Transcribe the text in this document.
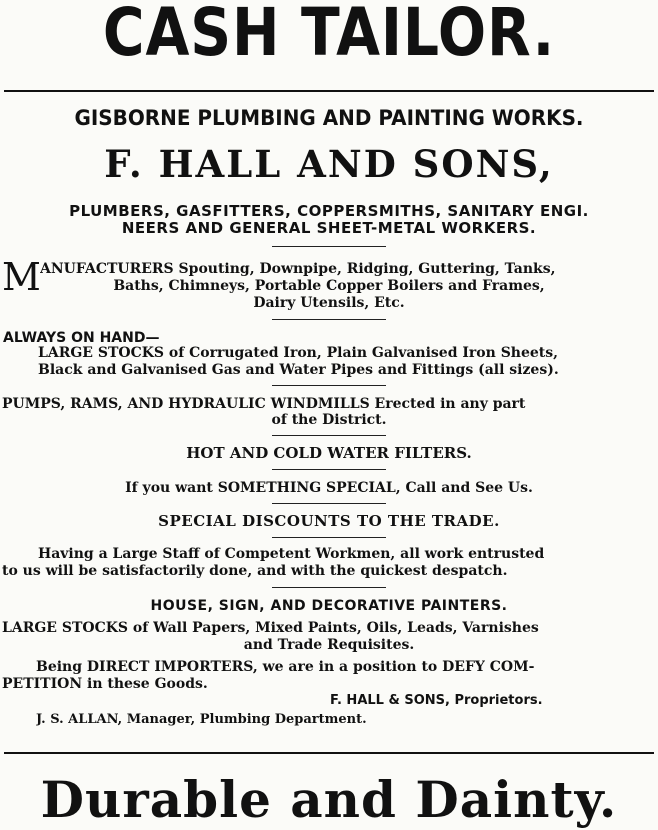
CASH TAILOR.
GISBORNE PLUMBING AND PAINTING WORKS.
F. HALL AND SONS,
PLUMBERS, GASFITTERS, COPPERSMITHS, SANITARY ENGI.
NEERS AND GENERAL SHEET-METAL WORKERS.
M ANUFACTURERS Spouting, Downpipe, Ridging, Guttering, Tanks,
Baths, Chimneys, Portable Copper Boilers and Frames,
Dairy Utensils, Etc.
ALWAYS ON HAND—
LARGE STOCKS of Corrugated Iron, Plain Galvanised Iron Sheets,
Black and Galvanised Gas and Water Pipes and Fittings (all sizes).
PUMPS, RAMS, AND HYDRAULIC WINDMILLS Erected in any part
of the District.
HOT AND COLD WATER FILTERS.
If you want SOMETHING SPECIAL, Call and See Us.
SPECIAL DISCOUNTS TO THE TRADE.
Having a Large Staff of Competent Workmen, all work entrusted
to us will be satisfactorily done, and with the quickest despatch.
HOUSE, SIGN, AND DECORATIVE PAINTERS.
LARGE STOCKS of Wall Papers, Mixed Paints, Oils, Leads, Varnishes
and Trade Requisites.
Being DIRECT IMPORTERS, we are in a position to DEFY COM-
PETITION in these Goods.
F. HALL & SONS, Proprietors.
J. S. ALLAN, Manager, Plumbing Department.
Durable and Dainty.
